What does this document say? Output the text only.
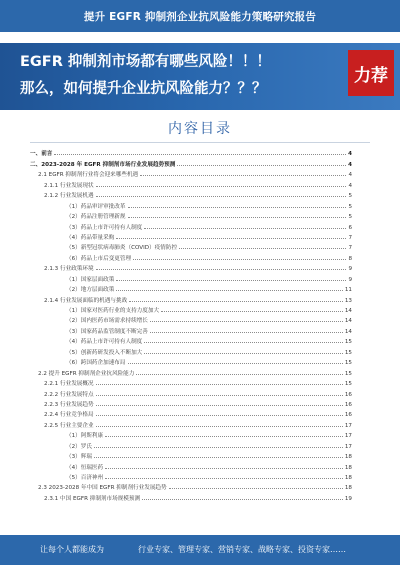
提升 EGFR 抑制剂企业抗风险能力策略研究报告
EGFR 抑制剂市场都有哪些风险！！！
那么，如何提升企业抗风险能力？？？
力荐
内容目录
一、前言	4
二、2023-2028 年 EGFR 抑制剂市场行业发展趋势预测	4
2.1 EGFR 抑制剂行业将会迎来哪些机遇	4
2.1.1 行业发展现状	4
2.1.2 行业发展机遇	5
（1）药品审评审批改革	5
（2）药品注册管理新规	5
（3）药品上市许可持有人制度	6
（4）药品带量采购	7
（5）新型冠状病毒肺炎（COVID）疫情防控	7
（6）药品上市后变更管理	8
2.1.3 行业政策环境	9
（1）国家层面政策	9
（2）地方层面政策	11
2.1.4 行业发展面临的机遇与挑战	13
（1）国家对医药行业的支持力度加大	14
（2）国内医药市场需求持续增长	14
（3）国家药品监管制度不断完善	14
（4）药品上市许可持有人制度	15
（5）创新药研发投入不断加大	15
（6）跨国药企加速布局	15
2.2 提升 EGFR 抑制剂企业抗风险能力	15
2.2.1 行业发展概况	15
2.2.2 行业发展特点	16
2.2.3 行业发展趋势	16
2.2.4 行业竞争格局	16
2.2.5 行业主要企业	17
（1）阿斯利康	17
（2）罗氏	17
（3）辉瑞	18
（4）恒瑞医药	18
（5）百济神州	18
2.3 2023-2028 年中国 EGFR 抑制剂行业发展趋势	18
2.3.1 中国 EGFR 抑制剂市场规模预测	19
让每个人都能成为	行业专家、管理专家、营销专家、战略专家、投资专家……
